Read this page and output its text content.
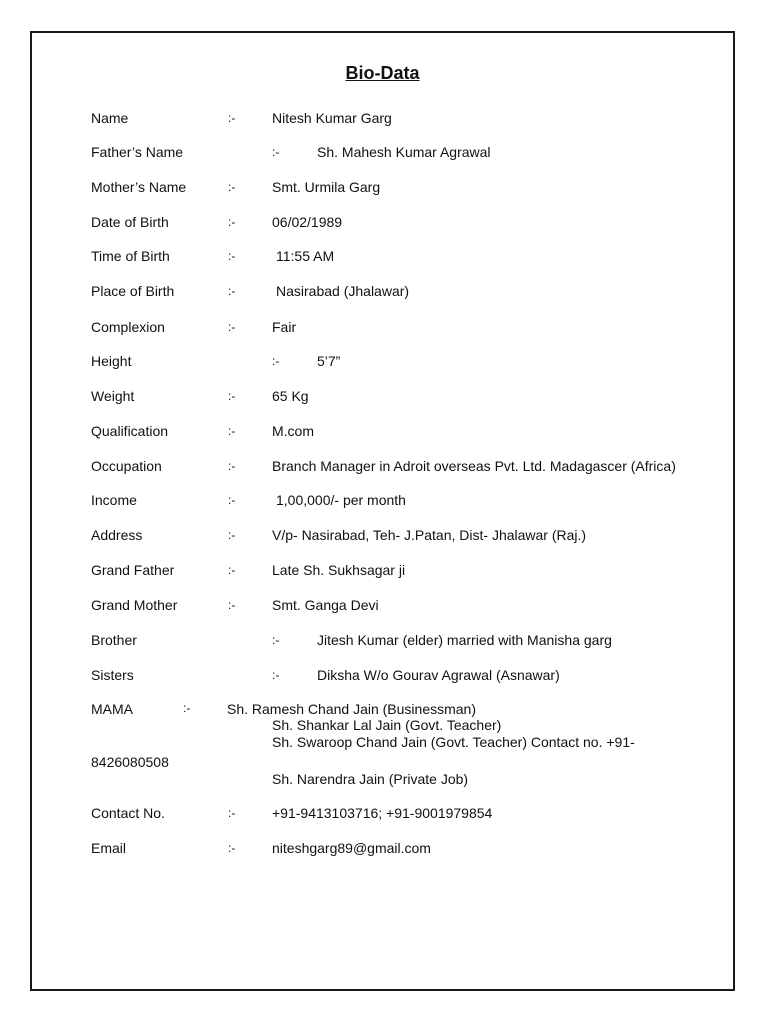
Bio-Data
Name	:-	Nitesh Kumar Garg
Father’s Name	:-	Sh. Mahesh Kumar Agrawal
Mother’s Name	:-	Smt. Urmila Garg
Date of Birth	:-	06/02/1989
Time of Birth	:-	11:55 AM
Place of Birth	:-	Nasirabad (Jhalawar)
Complexion	:-	Fair
Height	:-	5’7”
Weight	:-	65 Kg
Qualification	:-	M.com
Occupation	:-	Branch Manager in Adroit overseas Pvt. Ltd. Madagascer (Africa)
Income	:-	1,00,000/- per month
Address	:-	V/p- Nasirabad, Teh- J.Patan, Dist- Jhalawar (Raj.)
Grand Father	:-	Late Sh. Sukhsagar ji
Grand Mother	:-	Smt. Ganga Devi
Brother	:-	Jitesh Kumar (elder) married with Manisha garg
Sisters	:-	Diksha W/o Gourav Agrawal (Asnawar)
MAMA	:-	Sh. Ramesh Chand Jain (Businessman)
Sh. Shankar Lal Jain (Govt. Teacher)
Sh. Swaroop Chand Jain (Govt. Teacher) Contact no. +91-
8426080508
Sh. Narendra Jain (Private Job)
Contact No.	:-	+91-9413103716; +91-9001979854
Email	:-	niteshgarg89@gmail.com
